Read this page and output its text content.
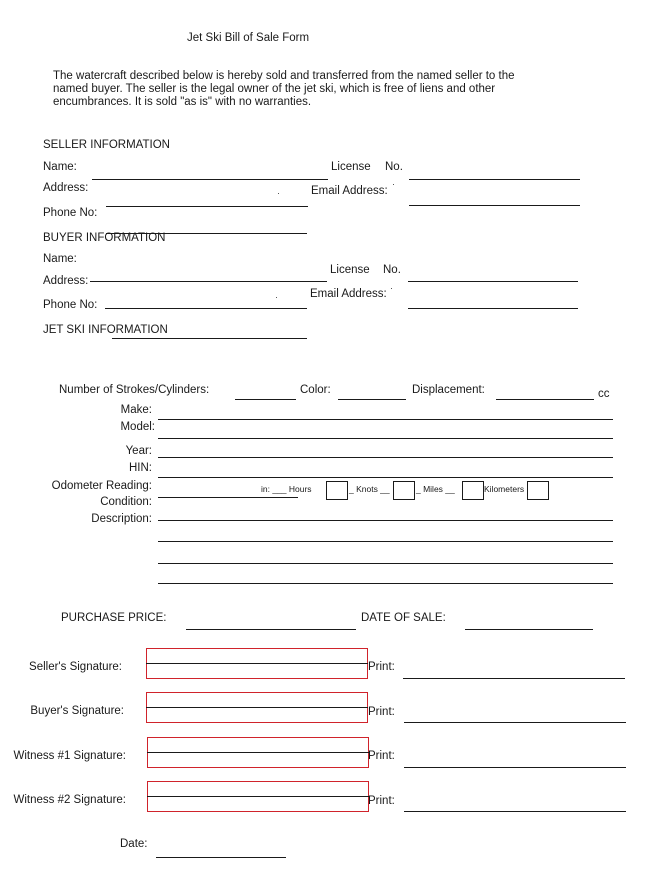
Jet Ski Bill of Sale Form
The watercraft described below is hereby sold and transferred from the named seller to the named buyer. The seller is the legal owner of the jet ski, which is free of liens and other encumbrances. It is sold "as is" with no warranties.
SELLER INFORMATION
Name:	License No.
Address:	Email Address:
Phone No:
BUYER INFORMATION
Name:
License No.
Address:
Email Address:
Phone No:
JET SKI INFORMATION
Number of Strokes/Cylinders:	Color:	Displacement:	cc
Make:
Model:
Year:
HIN:
Odometer Reading:	in: ___ Hours	_ Knots __	_ Miles __	Kilometers
Condition:
Description:
PURCHASE PRICE:	DATE OF SALE:
Seller's Signature:	Print:
Buyer's Signature:	Print:
Witness #1 Signature:	Print:
Witness #2 Signature:	Print:
Date:
